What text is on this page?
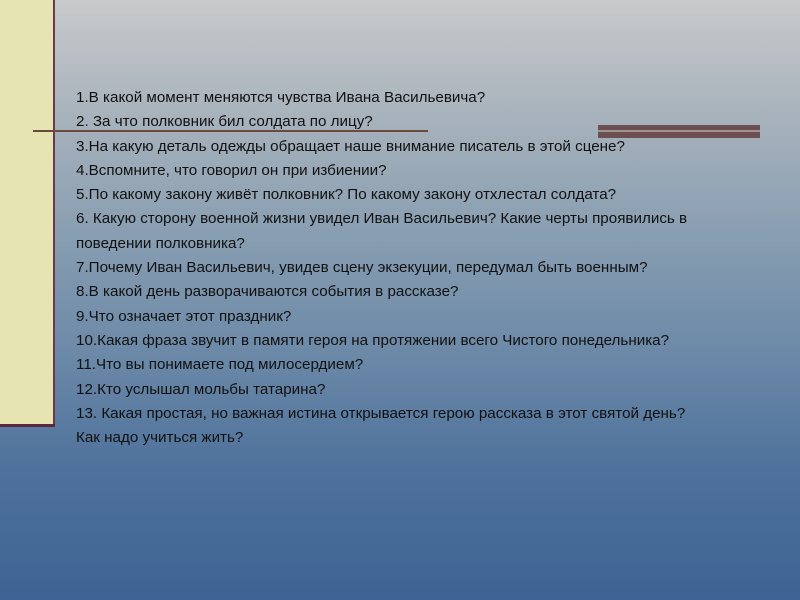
1.В какой момент меняются чувства Ивана Васильевича?
2. За что полковник бил солдата по лицу?
3.На какую деталь одежды обращает наше внимание писатель в этой сцене?
4.Вспомните, что говорил он при избиении?
5.По какому закону живёт полковник? По какому закону отхлестал солдата?
6. Какую сторону военной жизни увидел Иван Васильевич? Какие черты проявились в поведении полковника?
7.Почему Иван Васильевич, увидев сцену экзекуции, передумал быть военным?
8.В какой день разворачиваются события в рассказе?
9.Что означает этот праздник?
10.Какая фраза звучит в памяти героя на протяжении всего Чистого понедельника?
11.Что вы понимаете под милосердием?
12.Кто услышал мольбы татарина?
13. Какая простая, но важная истина открывается герою рассказа в этот святой день? Как надо учиться жить?
